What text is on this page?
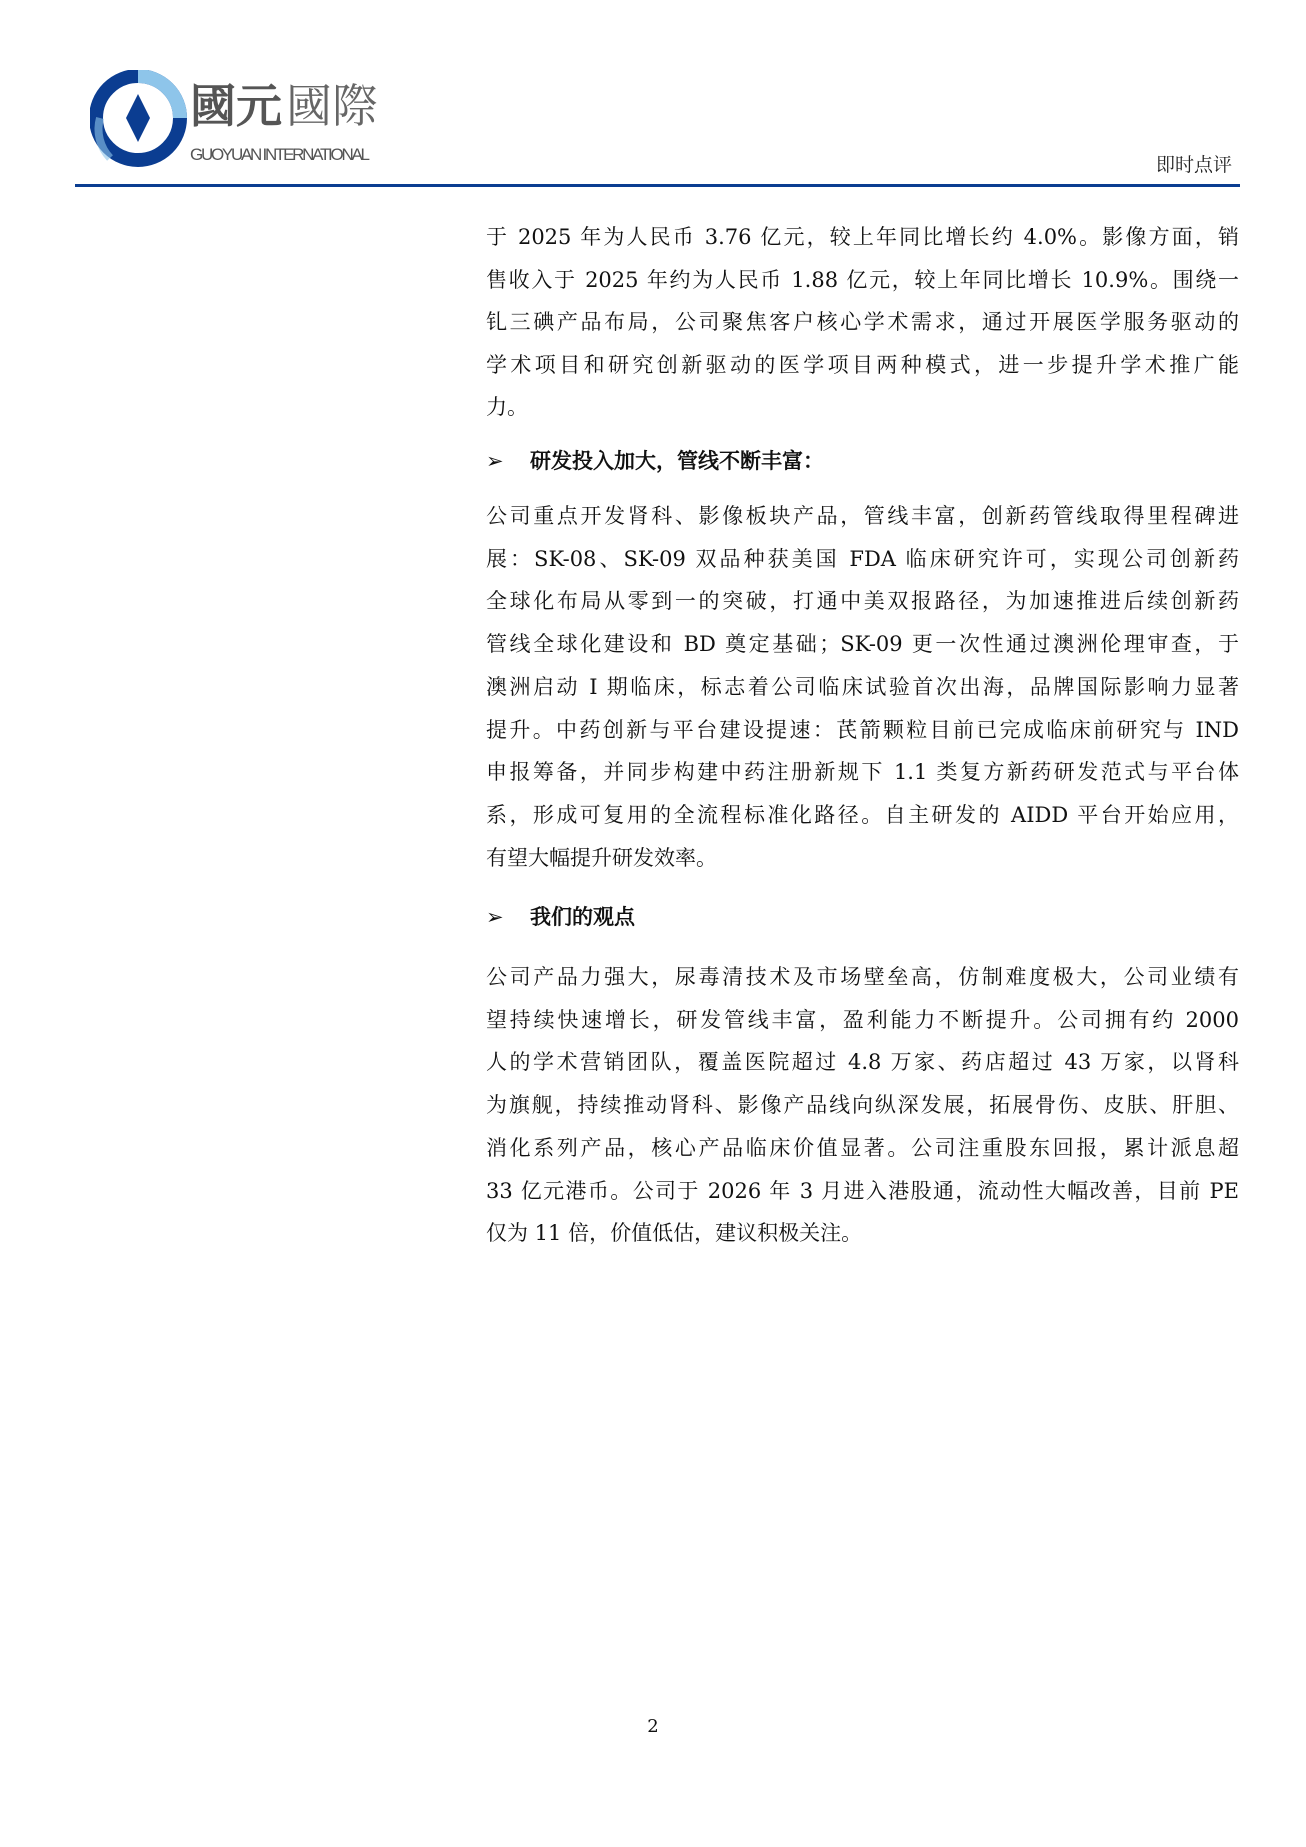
國元 國際
GUOYUAN INTERNATIONAL	即时点评
于 2025 年为人民币 3.76 亿元，较上年同比增长约 4.0%。影像方面，销
售收入于 2025 年约为人民币 1.88 亿元，较上年同比增长 10.9%。围绕一
钆三碘产品布局，公司聚焦客户核心学术需求，通过开展医学服务驱动的
学术项目和研究创新驱动的医学项目两种模式，进一步提升学术推广能
力。
➢ 研发投入加大，管线不断丰富：
公司重点开发肾科、影像板块产品，管线丰富，创新药管线取得里程碑进
展：SK-08、SK-09 双品种获美国 FDA 临床研究许可，实现公司创新药
全球化布局从零到一的突破，打通中美双报路径，为加速推进后续创新药
管线全球化建设和 BD 奠定基础；SK-09 更一次性通过澳洲伦理审查，于
澳洲启动 I 期临床，标志着公司临床试验首次出海，品牌国际影响力显著
提升。中药创新与平台建设提速：芪箭颗粒目前已完成临床前研究与 IND
申报筹备，并同步构建中药注册新规下 1.1 类复方新药研发范式与平台体
系，形成可复用的全流程标准化路径。自主研发的 AIDD 平台开始应用，
有望大幅提升研发效率。
➢ 我们的观点
公司产品力强大，尿毒清技术及市场壁垒高，仿制难度极大，公司业绩有
望持续快速增长，研发管线丰富，盈利能力不断提升。公司拥有约 2000
人的学术营销团队，覆盖医院超过 4.8 万家、药店超过 43 万家，以肾科
为旗舰，持续推动肾科、影像产品线向纵深发展，拓展骨伤、皮肤、肝胆、
消化系列产品，核心产品临床价值显著。公司注重股东回报，累计派息超
33 亿元港币。公司于 2026 年 3 月进入港股通，流动性大幅改善，目前 PE
仅为 11 倍，价值低估，建议积极关注。
2
